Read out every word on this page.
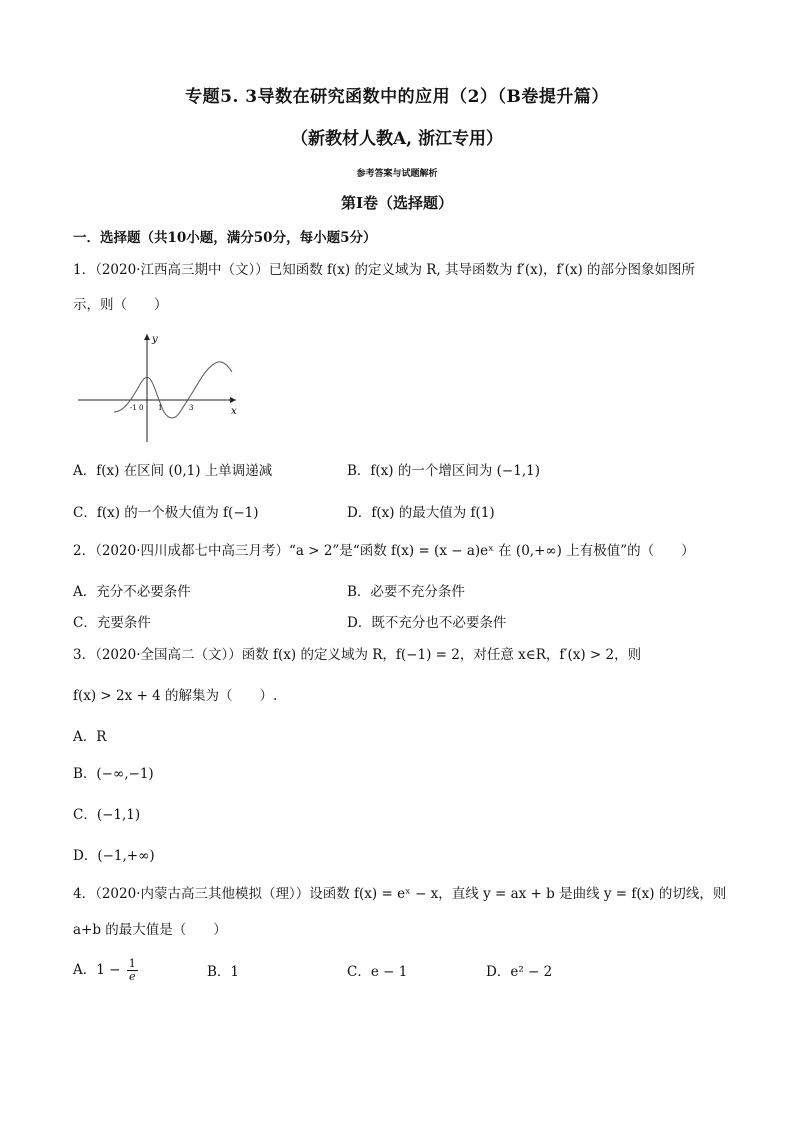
专题5. 3导数在研究函数中的应用（2）（B卷提升篇）
（新教材人教A, 浙江专用）
参考答案与试题解析
第Ⅰ卷（选择题）
一．选择题（共10小题，满分50分，每小题5分）
1．（2020·江西高三期中（文））已知函数 f(x) 的定义域为 R, 其导函数为 f′(x)，f′(x) 的部分图象如图所
示，则（　　）
y
x
-1 0 1	3
A．f(x) 在区间 (0,1) 上单调递减	B．f(x) 的一个增区间为 (−1,1)
C．f(x) 的一个极大值为 f(−1)	D．f(x) 的最大值为 f(1)
2．（2020·四川成都七中高三月考）“a > 2”是“函数 f(x) = (x − a)eˣ 在 (0,+∞) 上有极值”的（　　）
A．充分不必要条件	B．必要不充分条件
C．充要条件	D．既不充分也不必要条件
3．（2020·全国高二（文））函数 f(x) 的定义域为 R，f(−1) = 2，对任意 x∈R，f′(x) > 2，则
f(x) > 2x + 4 的解集为（　　）.
A．R
B．(−∞,−1)
C．(−1,1)
D．(−1,+∞)
4．（2020·内蒙古高三其他模拟（理））设函数 f(x) = eˣ − x，直线 y = ax + b 是曲线 y = f(x) 的切线，则
a+b 的最大值是（　　）
A．$1 - \frac{1}{e}$	B．1	C．e − 1	D．e² − 2
